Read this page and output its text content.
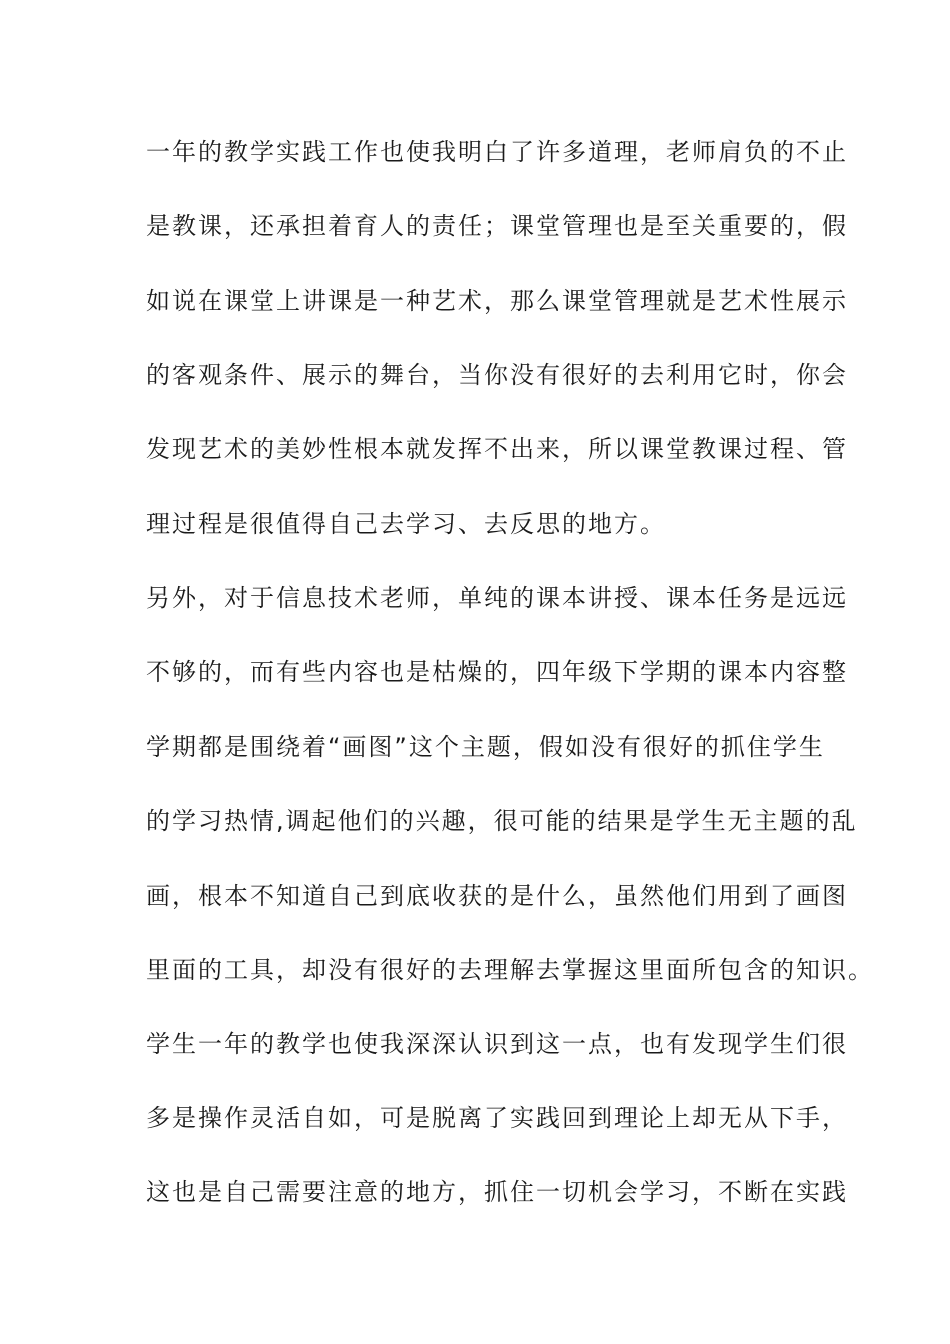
一年的教学实践工作也使我明白了许多道理，老师肩负的不止
是教课，还承担着育人的责任；课堂管理也是至关重要的，假
如说在课堂上讲课是一种艺术，那么课堂管理就是艺术性展示
的客观条件、展示的舞台，当你没有很好的去利用它时，你会
发现艺术的美妙性根本就发挥不出来，所以课堂教课过程、管
理过程是很值得自己去学习、去反思的地方。
另外，对于信息技术老师，单纯的课本讲授、课本任务是远远
不够的，而有些内容也是枯燥的，四年级下学期的课本内容整
学期都是围绕着“画图”这个主题，假如没有很好的抓住学生
的学习热情,调起他们的兴趣，很可能的结果是学生无主题的乱
画，根本不知道自己到底收获的是什么，虽然他们用到了画图
里面的工具，却没有很好的去理解去掌握这里面所包含的知识。
学生一年的教学也使我深深认识到这一点，也有发现学生们很
多是操作灵活自如，可是脱离了实践回到理论上却无从下手，
这也是自己需要注意的地方，抓住一切机会学习，不断在实践
